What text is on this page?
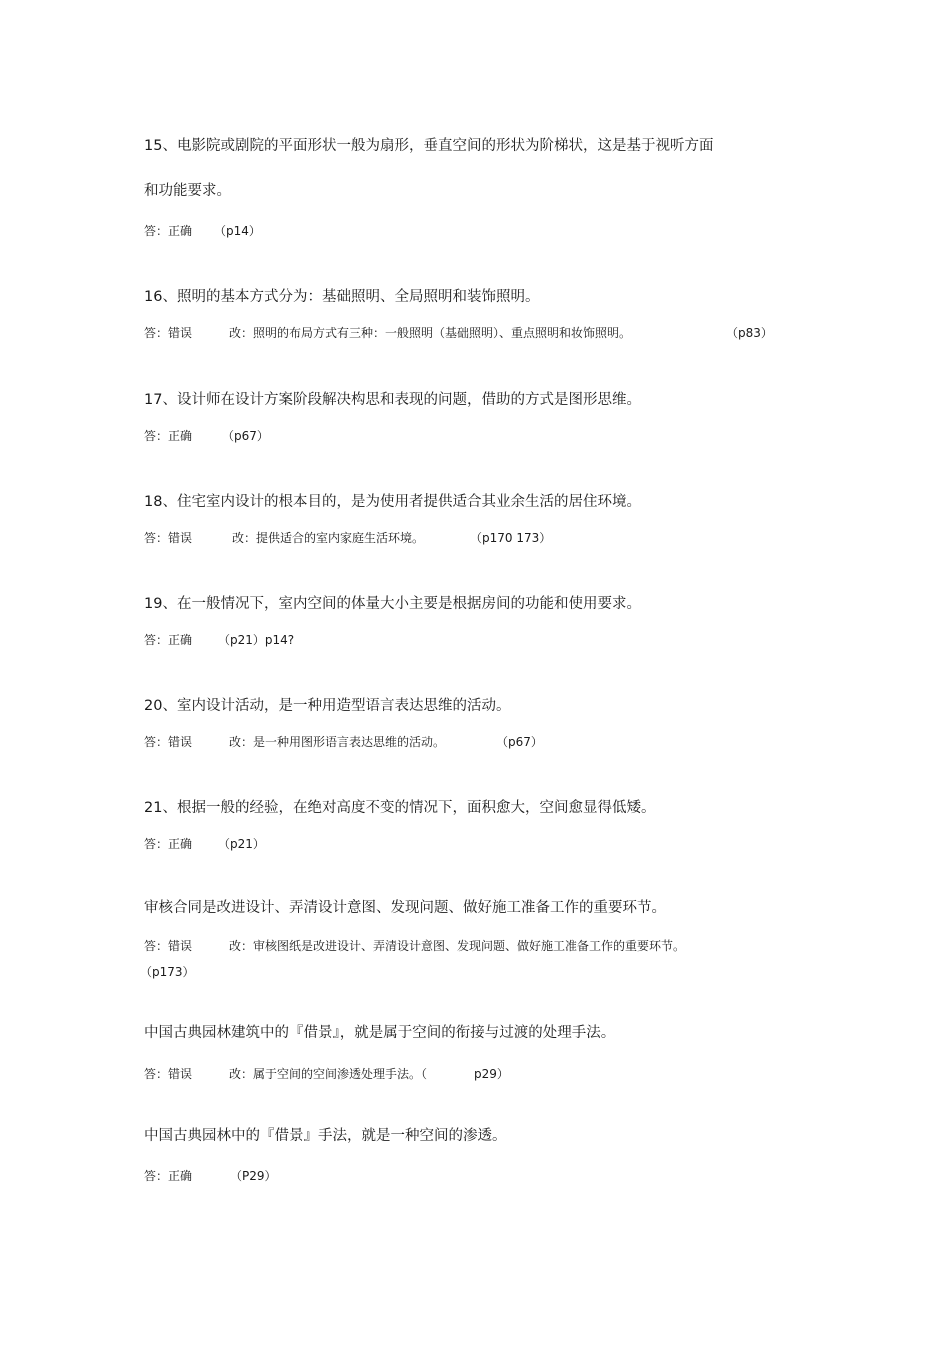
15、电影院或剧院的平面形状一般为扇形，垂直空间的形状为阶梯状，这是基于视听方面
和功能要求。
答：正确 （p14）
16、照明的基本方式分为：基础照明、全局照明和装饰照明。
答：错误	改：照明的布局方式有三种：一般照明（基础照明）、重点照明和妆饰照明。	（p83）
17、设计师在设计方案阶段解决构思和表现的问题，借助的方式是图形思维。
答：正确 （p67）
18、住宅室内设计的根本目的，是为使用者提供适合其业余生活的居住环境。
答：错误	改：提供适合的室内家庭生活环境。	（p170 173）
19、在一般情况下，室内空间的体量大小主要是根据房间的功能和使用要求。
答：正确 （p21）p14?
20、室内设计活动，是一种用造型语言表达思维的活动。
答：错误	改：是一种用图形语言表达思维的活动。	（p67）
21、根据一般的经验，在绝对高度不变的情况下，面积愈大，空间愈显得低矮。
答：正确 （p21）
审核合同是改进设计、弄清设计意图、发现问题、做好施工准备工作的重要环节。
答：错误	改：审核图纸是改进设计、弄清设计意图、发现问题、做好施工准备工作的重要环节。
（p173）
中国古典园林建筑中的『借景』，就是属于空间的衔接与过渡的处理手法。
答：错误	改：属于空间的空间渗透处理手法。（	p29）
中国古典园林中的『借景』手法，就是一种空间的渗透。
答：正确	（P29）
